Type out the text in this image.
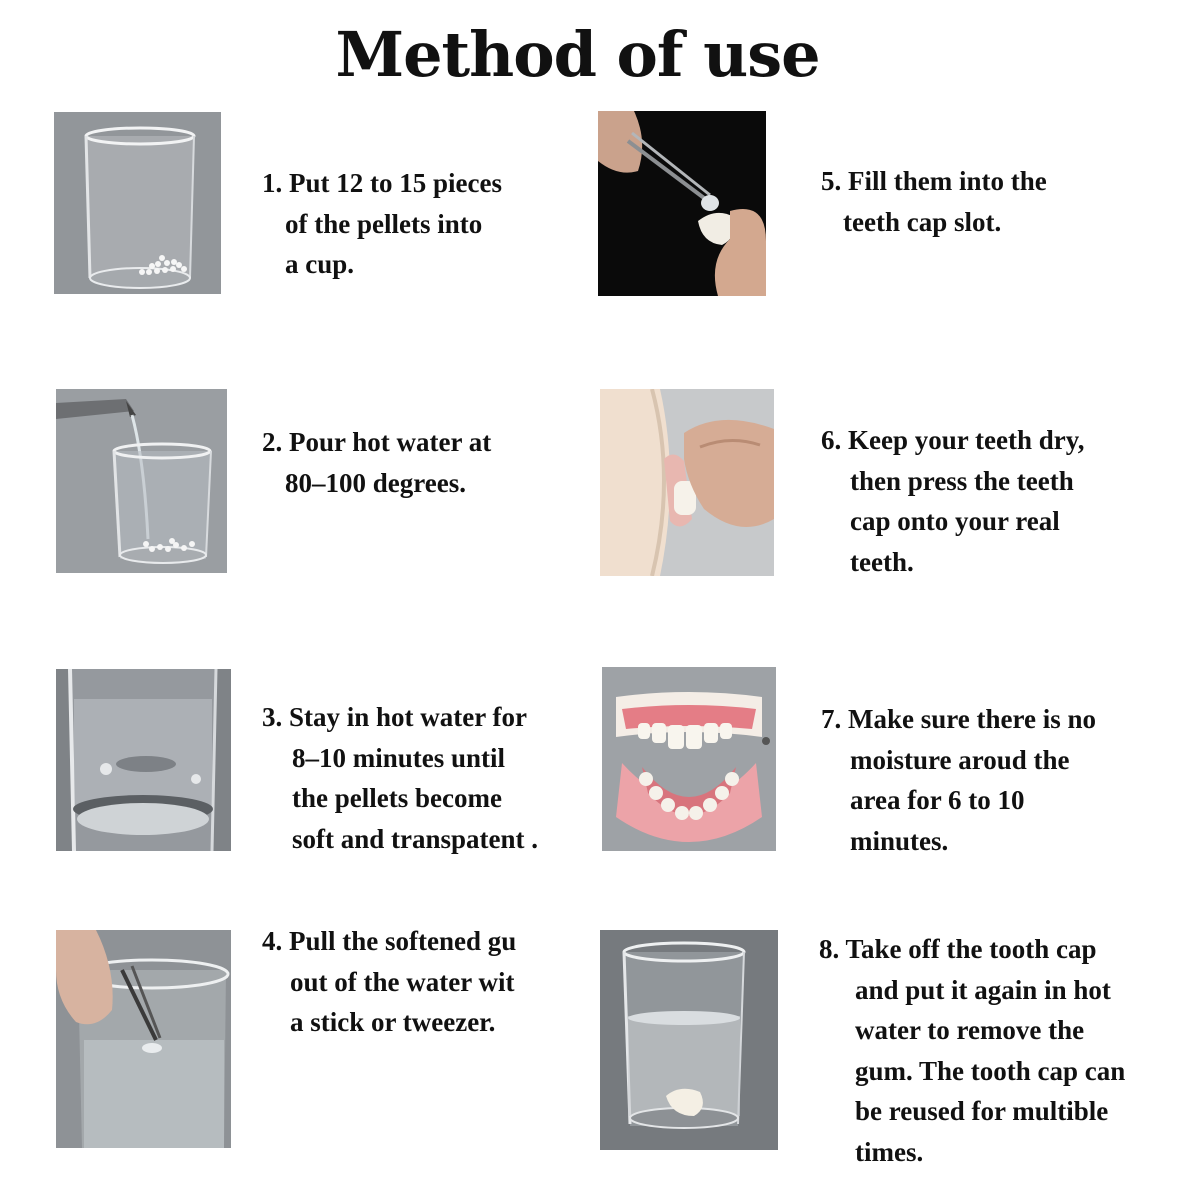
Method of use

1. Put 12 to 15 pieces
of the pellets into
a cup.

2. Pour hot water at
80–100 degrees.

3. Stay in hot water for
8–10 minutes until
the pellets become
soft and transpatent .

4. Pull the softened gu
out of the water wit
a stick or tweezer.

5. Fill them into the
teeth cap slot.

6. Keep your teeth dry,
then press the teeth
cap onto your real
teeth.

7. Make sure there is no
moisture aroud the
area for 6 to 10
minutes.

8. Take off the tooth cap
and put it again in hot
water to remove the
gum. The tooth cap can
be reused for multible
times.
